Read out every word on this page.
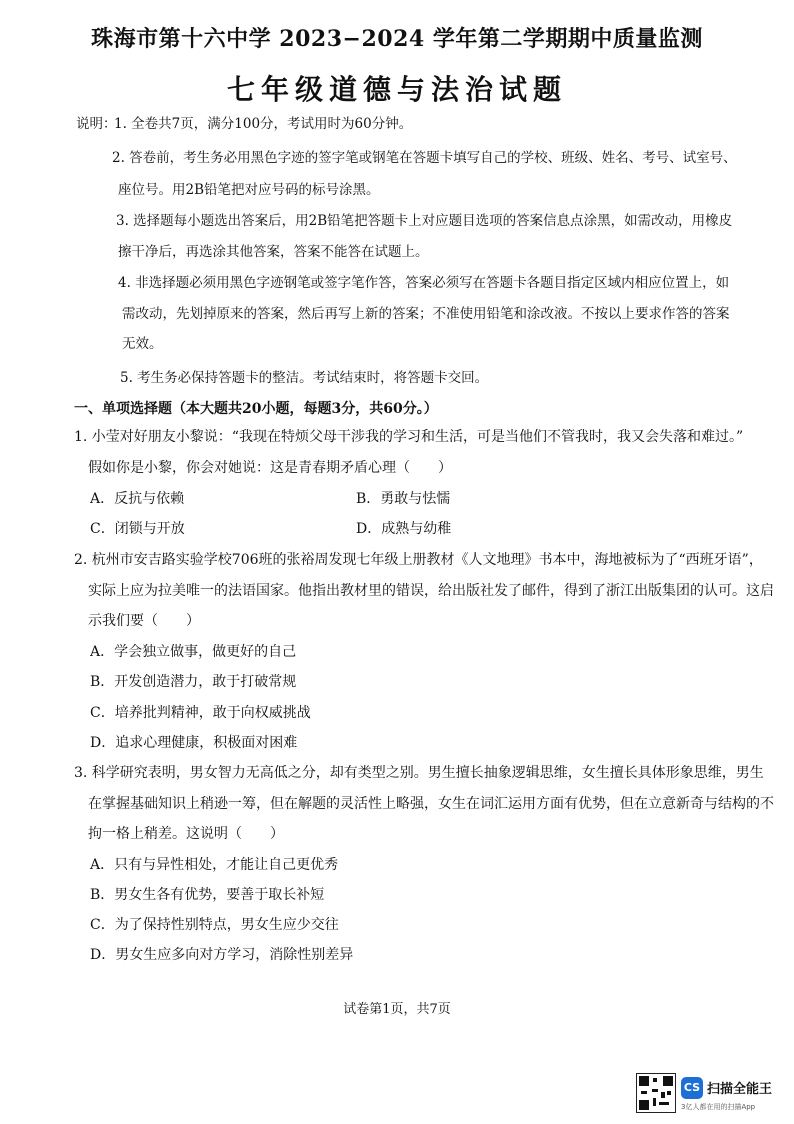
珠海市第十六中学 2023−2024 学年第二学期期中质量监测
七年级道德与法治试题
说明：
1. 全卷共7页，满分100分，考试用时为60分钟。
2. 答卷前，考生务必用黑色字迹的签字笔或钢笔在答题卡填写自己的学校、班级、姓名、考号、试室号、
座位号。用2B铅笔把对应号码的标号涂黑。
3. 选择题每小题选出答案后，用2B铅笔把答题卡上对应题目选项的答案信息点涂黑，如需改动，用橡皮
擦干净后，再选涂其他答案，答案不能答在试题上。
4. 非选择题必须用黑色字迹钢笔或签字笔作答，答案必须写在答题卡各题目指定区域内相应位置上，如
需改动，先划掉原来的答案，然后再写上新的答案；不准使用铅笔和涂改液。不按以上要求作答的答案
无效。
5. 考生务必保持答题卡的整洁。考试结束时，将答题卡交回。
一、单项选择题（本大题共20小题，每题3分，共60分。）
1. 小莹对好朋友小黎说：“我现在特烦父母干涉我的学习和生活，可是当他们不管我时，我又会失落和难过。”
假如你是小黎，你会对她说：这是青春期矛盾心理（　　）
A．反抗与依赖	B．勇敢与怯懦
C．闭锁与开放	D．成熟与幼稚
2. 杭州市安吉路实验学校706班的张裕周发现七年级上册教材《人文地理》书本中，海地被标为了“西班牙语”，
实际上应为拉美唯一的法语国家。他指出教材里的错误，给出版社发了邮件，得到了浙江出版集团的认可。这启
示我们要（　　）
A．学会独立做事，做更好的自己
B．开发创造潜力，敢于打破常规
C．培养批判精神，敢于向权威挑战
D．追求心理健康，积极面对困难
3. 科学研究表明，男女智力无高低之分，却有类型之别。男生擅长抽象逻辑思维，女生擅长具体形象思维，男生
在掌握基础知识上稍逊一筹，但在解题的灵活性上略强，女生在词汇运用方面有优势，但在立意新奇与结构的不
拘一格上稍差。这说明（　　）
A．只有与异性相处，才能让自己更优秀
B．男女生各有优势，要善于取长补短
C．为了保持性别特点，男女生应少交往
D．男女生应多向对方学习，消除性别差异
试卷第1页，共7页
CS 扫描全能王
3亿人都在用的扫描App
